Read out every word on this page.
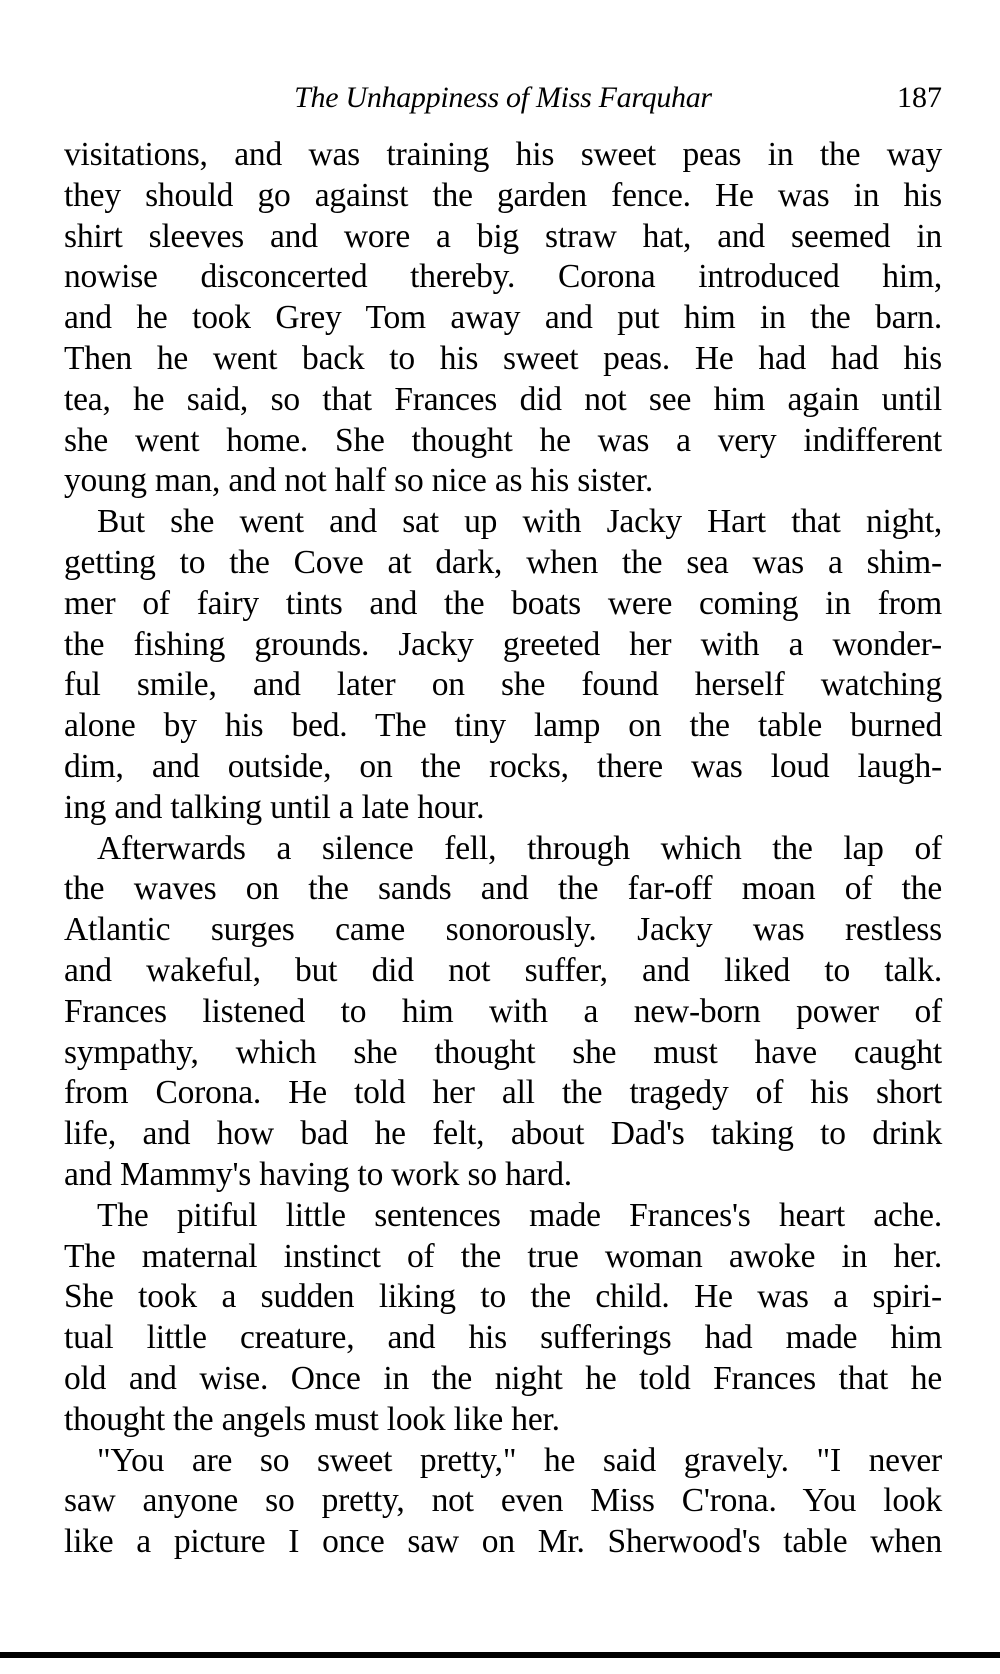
The Unhappiness of Miss Farquhar	187

visitations, and was training his sweet peas in the way
they should go against the garden fence. He was in his
shirt sleeves and wore a big straw hat, and seemed in
nowise disconcerted thereby. Corona introduced him,
and he took Grey Tom away and put him in the barn.
Then he went back to his sweet peas. He had had his
tea, he said, so that Frances did not see him again until
she went home. She thought he was a very indifferent
young man, and not half so nice as his sister.

But she went and sat up with Jacky Hart that night,
getting to the Cove at dark, when the sea was a shim-
mer of fairy tints and the boats were coming in from
the fishing grounds. Jacky greeted her with a wonder-
ful smile, and later on she found herself watching
alone by his bed. The tiny lamp on the table burned
dim, and outside, on the rocks, there was loud laugh-
ing and talking until a late hour.

Afterwards a silence fell, through which the lap of
the waves on the sands and the far-off moan of the
Atlantic surges came sonorously. Jacky was restless
and wakeful, but did not suffer, and liked to talk.
Frances listened to him with a new-born power of
sympathy, which she thought she must have caught
from Corona. He told her all the tragedy of his short
life, and how bad he felt, about Dad's taking to drink
and Mammy's having to work so hard.

The pitiful little sentences made Frances's heart ache.
The maternal instinct of the true woman awoke in her.
She took a sudden liking to the child. He was a spiri-
tual little creature, and his sufferings had made him
old and wise. Once in the night he told Frances that he
thought the angels must look like her.

"You are so sweet pretty," he said gravely. "I never
saw anyone so pretty, not even Miss C'rona. You look
like a picture I once saw on Mr. Sherwood's table when
